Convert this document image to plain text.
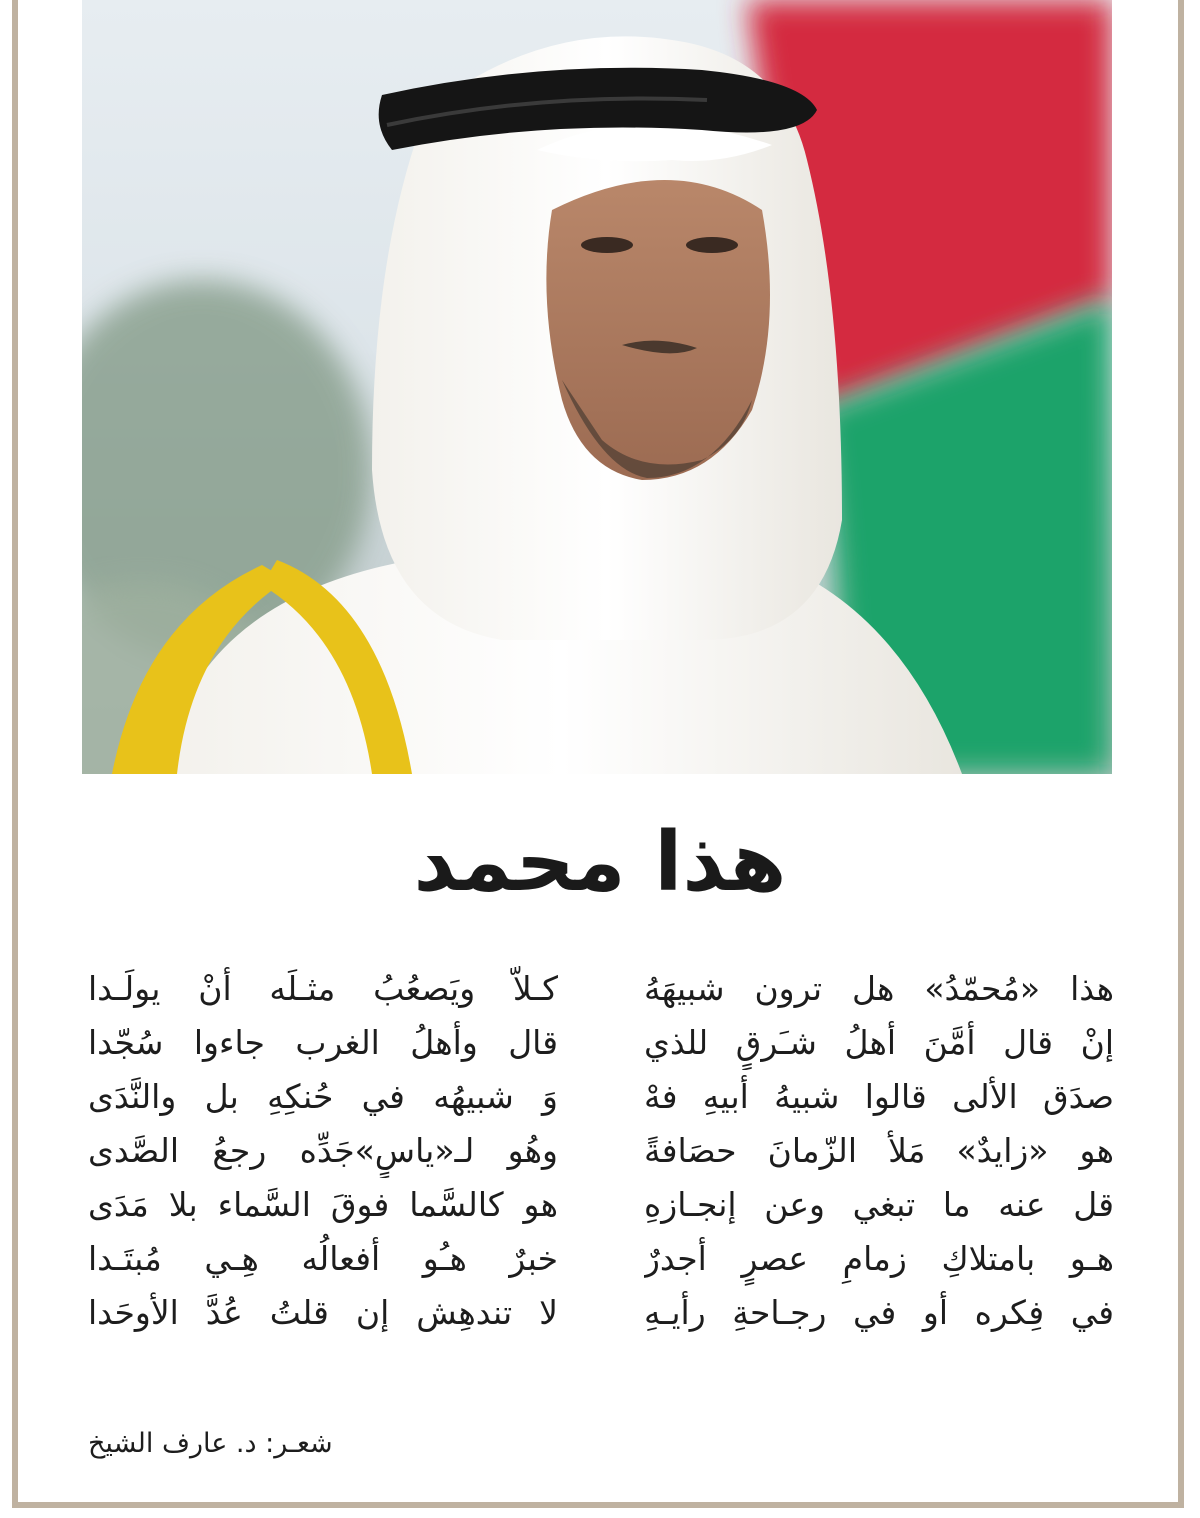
هذا محمد
هذا «مُحمّدُ» هل ترون شبيهَهُ
إنْ قال أمَّنَ أهلُ شـَرقٍ للذي
صدَق الألى قالوا شبيهُ أبيهِ فهْ
هو «زايدٌ» مَلأ الزّمانَ حصَافةً
قل عنه ما تبغي وعن إنجـازهِ
هـو بامتلاكِ زمامِ عصرٍ أجدرٌ
في فِكره أو في رجـاحةِ رأيـهِ
كـلاّ ويَصعُبُ مثـلَه أنْ يولَـدا
قال وأهلُ الغرب جاءوا سُجّدا
وَ شبيهُه في حُنكِهِ بل والنَّدَى
وهُو لـ«ياسٍ»جَدِّه رجعُ الصَّدى
هو كالسَّما فوقَ السَّماء بلا مَدَى
خبرٌ هـُو أفعالُه هِـي مُبتَـدا
لا تندهِش إن قلتُ عُدَّ الأوحَدا
شعـر: د. عارف الشيخ
